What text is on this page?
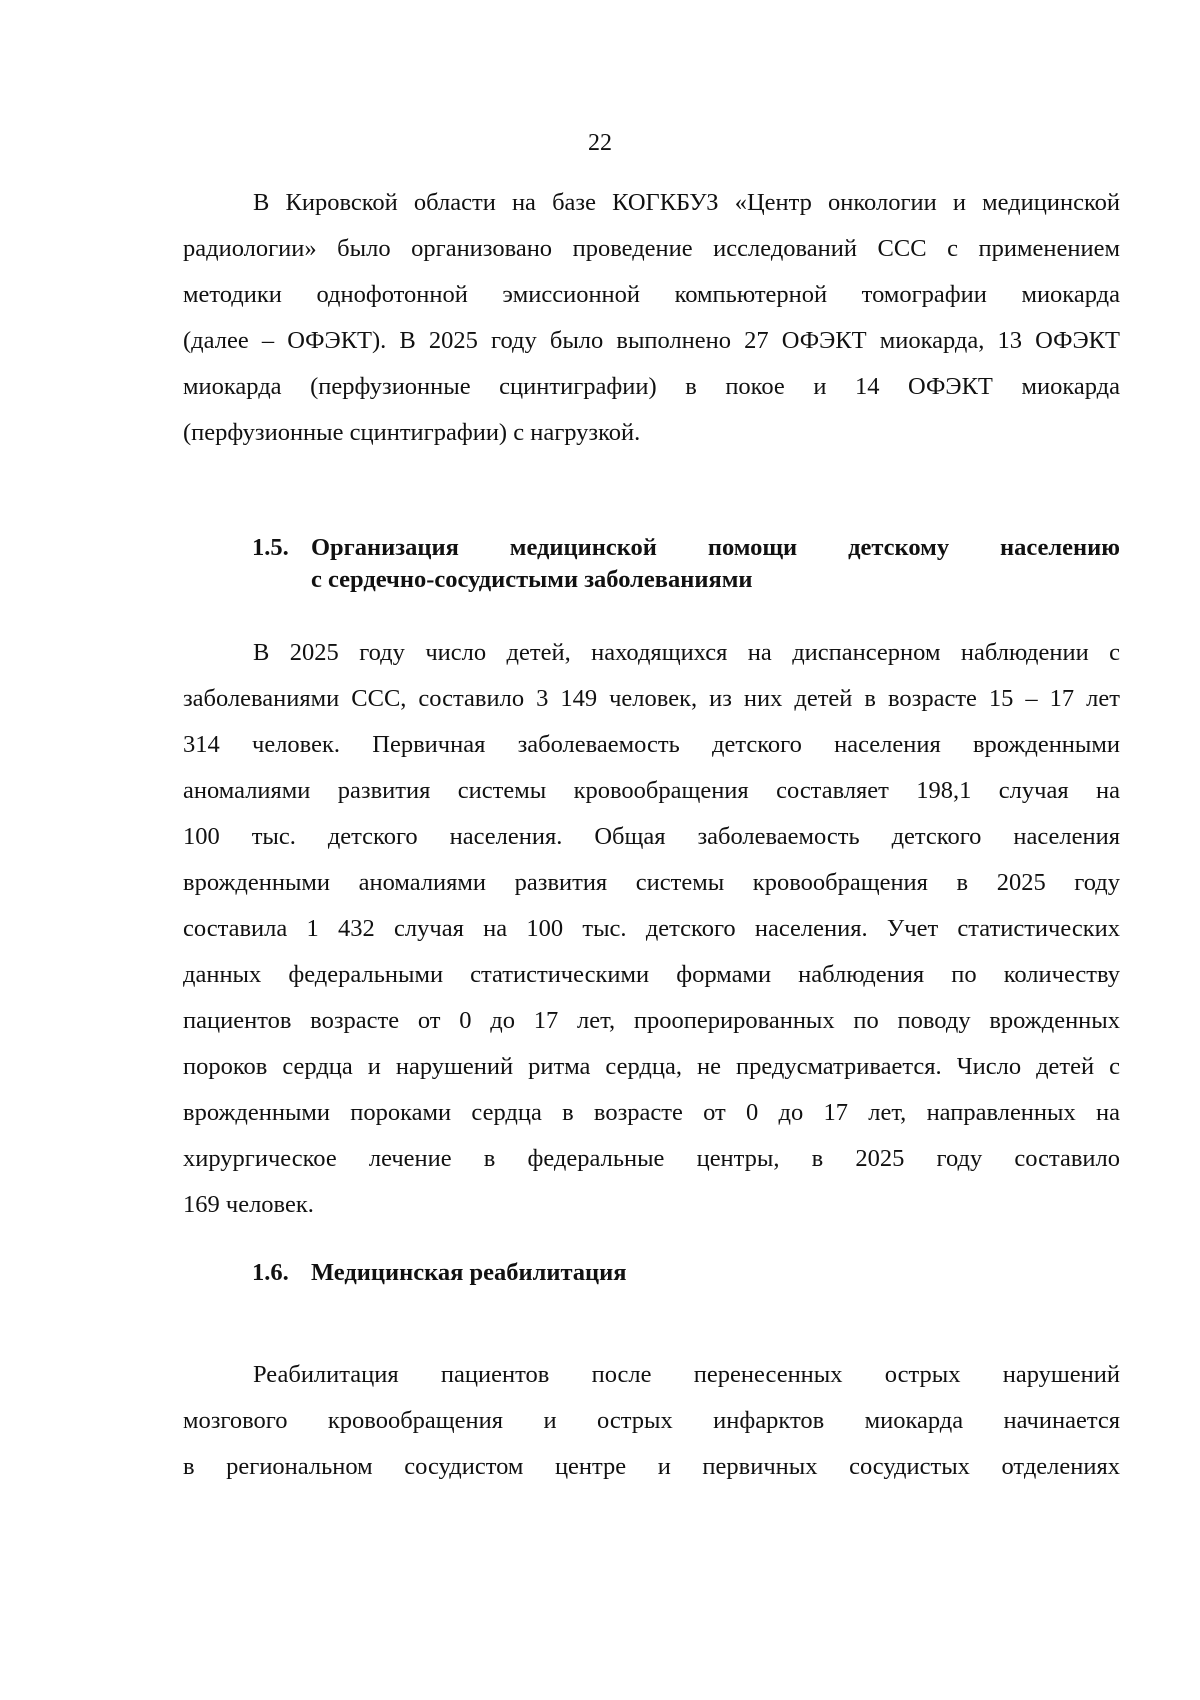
22
В Кировской области на базе КОГКБУЗ «Центр онкологии и медицинской
радиологии» было организовано проведение исследований ССС с применением
методики однофотонной эмиссионной компьютерной томографии миокарда
(далее – ОФЭКТ). В 2025 году было выполнено 27 ОФЭКТ миокарда, 13 ОФЭКТ
миокарда (перфузионные сцинтиграфии) в покое и 14 ОФЭКТ миокарда
(перфузионные сцинтиграфии) с нагрузкой.
1.5. Организация медицинской помощи детскому населению
с сердечно-сосудистыми заболеваниями
В 2025 году число детей, находящихся на диспансерном наблюдении с
заболеваниями ССС, составило 3 149 человек, из них детей в возрасте 15 – 17 лет
314 человек. Первичная заболеваемость детского населения врожденными
аномалиями развития системы кровообращения составляет 198,1 случая на
100 тыс. детского населения. Общая заболеваемость детского населения
врожденными аномалиями развития системы кровообращения в 2025 году
составила 1 432 случая на 100 тыс. детского населения. Учет статистических
данных федеральными статистическими формами наблюдения по количеству
пациентов возрасте от 0 до 17 лет, прооперированных по поводу врожденных
пороков сердца и нарушений ритма сердца, не предусматривается. Число детей с
врожденными пороками сердца в возрасте от 0 до 17 лет, направленных на
хирургическое лечение в федеральные центры, в 2025 году составило
169 человек.
1.6. Медицинская реабилитация
Реабилитация пациентов после перенесенных острых нарушений
мозгового кровообращения и острых инфарктов миокарда начинается
в региональном сосудистом центре и первичных сосудистых отделениях
